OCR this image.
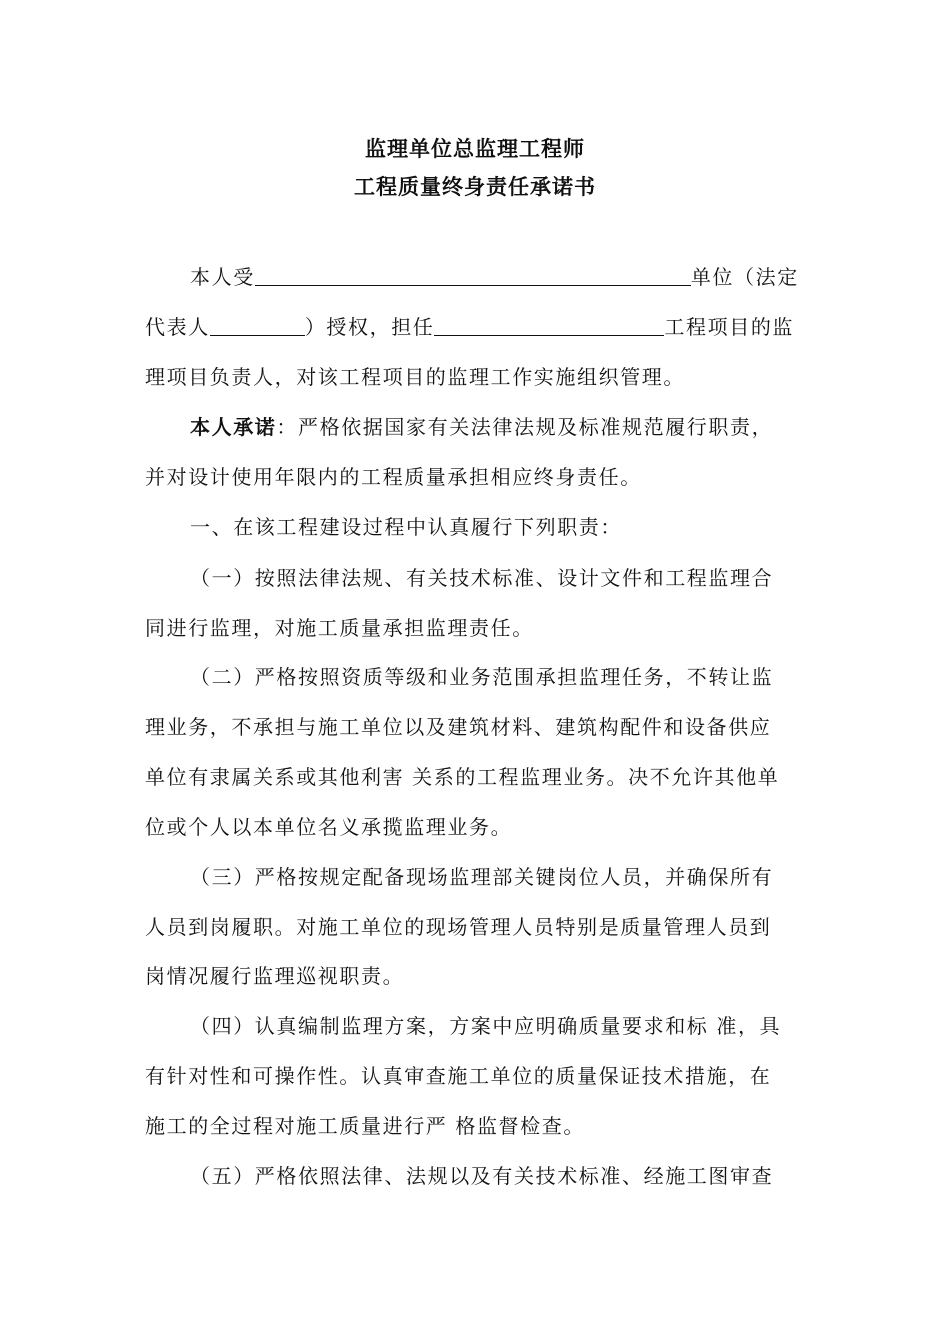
监理单位总监理工程师
工程质量终身责任承诺书
本人受	单位（法定
代表人	）授权，担任	工程项目的监
理项目负责人，对该工程项目的监理工作实施组织管理。
本人承诺：严格依据国家有关法律法规及标准规范履行职责，
并对设计使用年限内的工程质量承担相应终身责任。
一、在该工程建设过程中认真履行下列职责：
（一）按照法律法规、有关技术标准、设计文件和工程监理合
同进行监理，对施工质量承担监理责任。
（二）严格按照资质等级和业务范围承担监理任务，不转让监
理业务，不承担与施工单位以及建筑材料、建筑构配件和设备供应
单位有隶属关系或其他利害 关系的工程监理业务。决不允许其他单
位或个人以本单位名义承揽监理业务。
（三）严格按规定配备现场监理部关键岗位人员，并确保所有
人员到岗履职。对施工单位的现场管理人员特别是质量管理人员到
岗情况履行监理巡视职责。
（四）认真编制监理方案，方案中应明确质量要求和标 准，具
有针对性和可操作性。认真审查施工单位的质量保证技术措施，在
施工的全过程对施工质量进行严 格监督检查。
（五）严格依照法律、法规以及有关技术标准、经施工图审查
